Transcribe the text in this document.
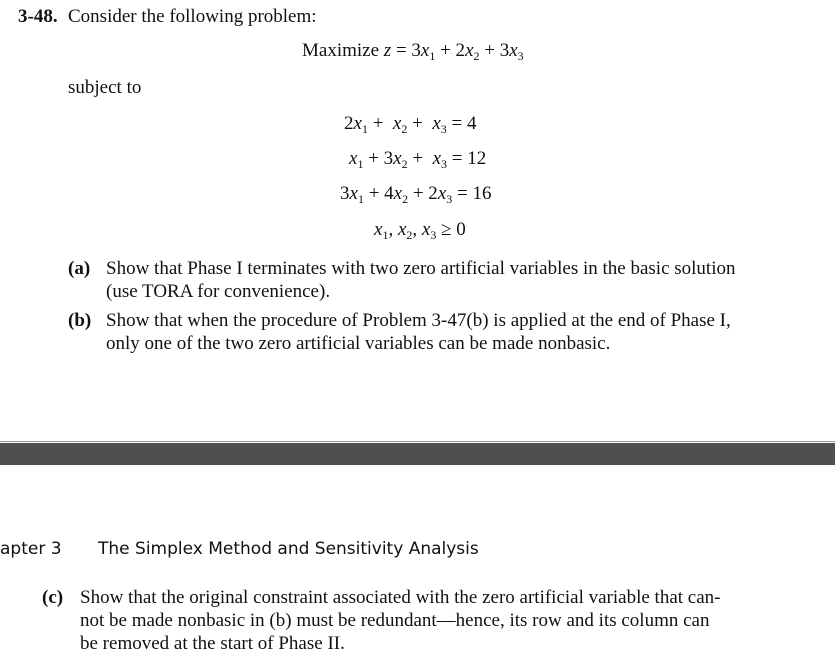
3-48. Consider the following problem:
Maximize $z = 3x_1 + 2x_2 + 3x_3$
subject to
$2x_1 + x_2 + x_3 = 4$
$x_1 + 3x_2 + x_3 = 12$
$3x_1 + 4x_2 + 2x_3 = 16$
$x_1$, $x_2$, $x_3 \ge 0$
(a) Show that Phase I terminates with two zero artificial variables in the basic solution
(use TORA for convenience).
(b) Show that when the procedure of Problem 3-47(b) is applied at the end of Phase I,
only one of the two zero artificial variables can be made nonbasic.
apter 3 The Simplex Method and Sensitivity Analysis
(c) Show that the original constraint associated with the zero artificial variable that can-
not be made nonbasic in (b) must be redundant—hence, its row and its column can
be removed at the start of Phase II.
